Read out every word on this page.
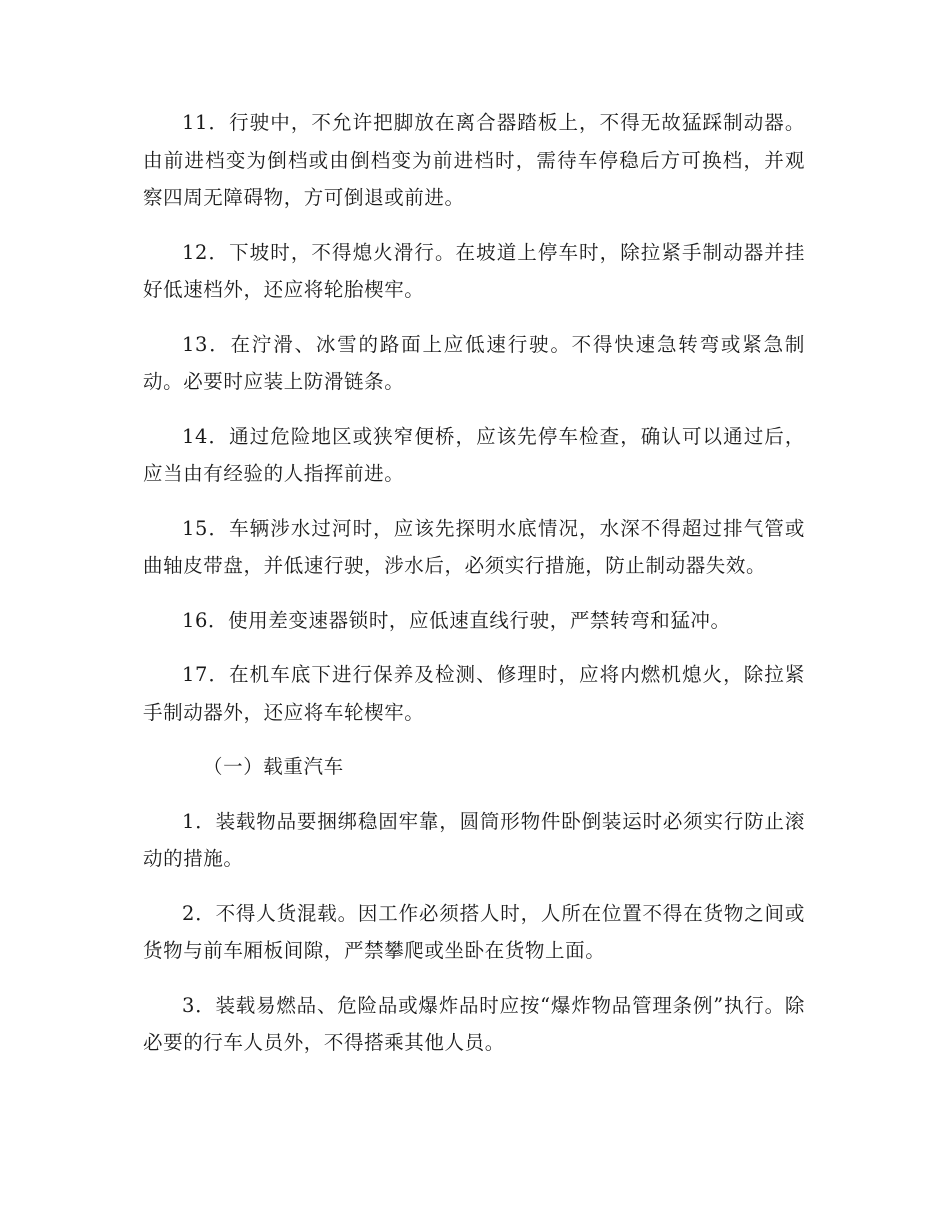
11．行驶中，不允许把脚放在离合器踏板上，不得无故猛踩制动器。由前进档变为倒档或由倒档变为前进档时，需待车停稳后方可换档，并观察四周无障碍物，方可倒退或前进。

12．下坡时，不得熄火滑行。在坡道上停车时，除拉紧手制动器并挂好低速档外，还应将轮胎楔牢。

13．在泞滑、冰雪的路面上应低速行驶。不得快速急转弯或紧急制动。必要时应装上防滑链条。

14．通过危险地区或狭窄便桥，应该先停车检查，确认可以通过后，应当由有经验的人指挥前进。

15．车辆涉水过河时，应该先探明水底情况，水深不得超过排气管或曲轴皮带盘，并低速行驶，涉水后，必须实行措施，防止制动器失效。

16．使用差变速器锁时，应低速直线行驶，严禁转弯和猛冲。

17．在机车底下进行保养及检测、修理时，应将内燃机熄火，除拉紧手制动器外，还应将车轮楔牢。

（一）载重汽车

1．装载物品要捆绑稳固牢靠，圆筒形物件卧倒装运时必须实行防止滚动的措施。

2．不得人货混载。因工作必须搭人时，人所在位置不得在货物之间或货物与前车厢板间隙，严禁攀爬或坐卧在货物上面。

3．装载易燃品、危险品或爆炸品时应按“爆炸物品管理条例”执行。除必要的行车人员外，不得搭乘其他人员。
